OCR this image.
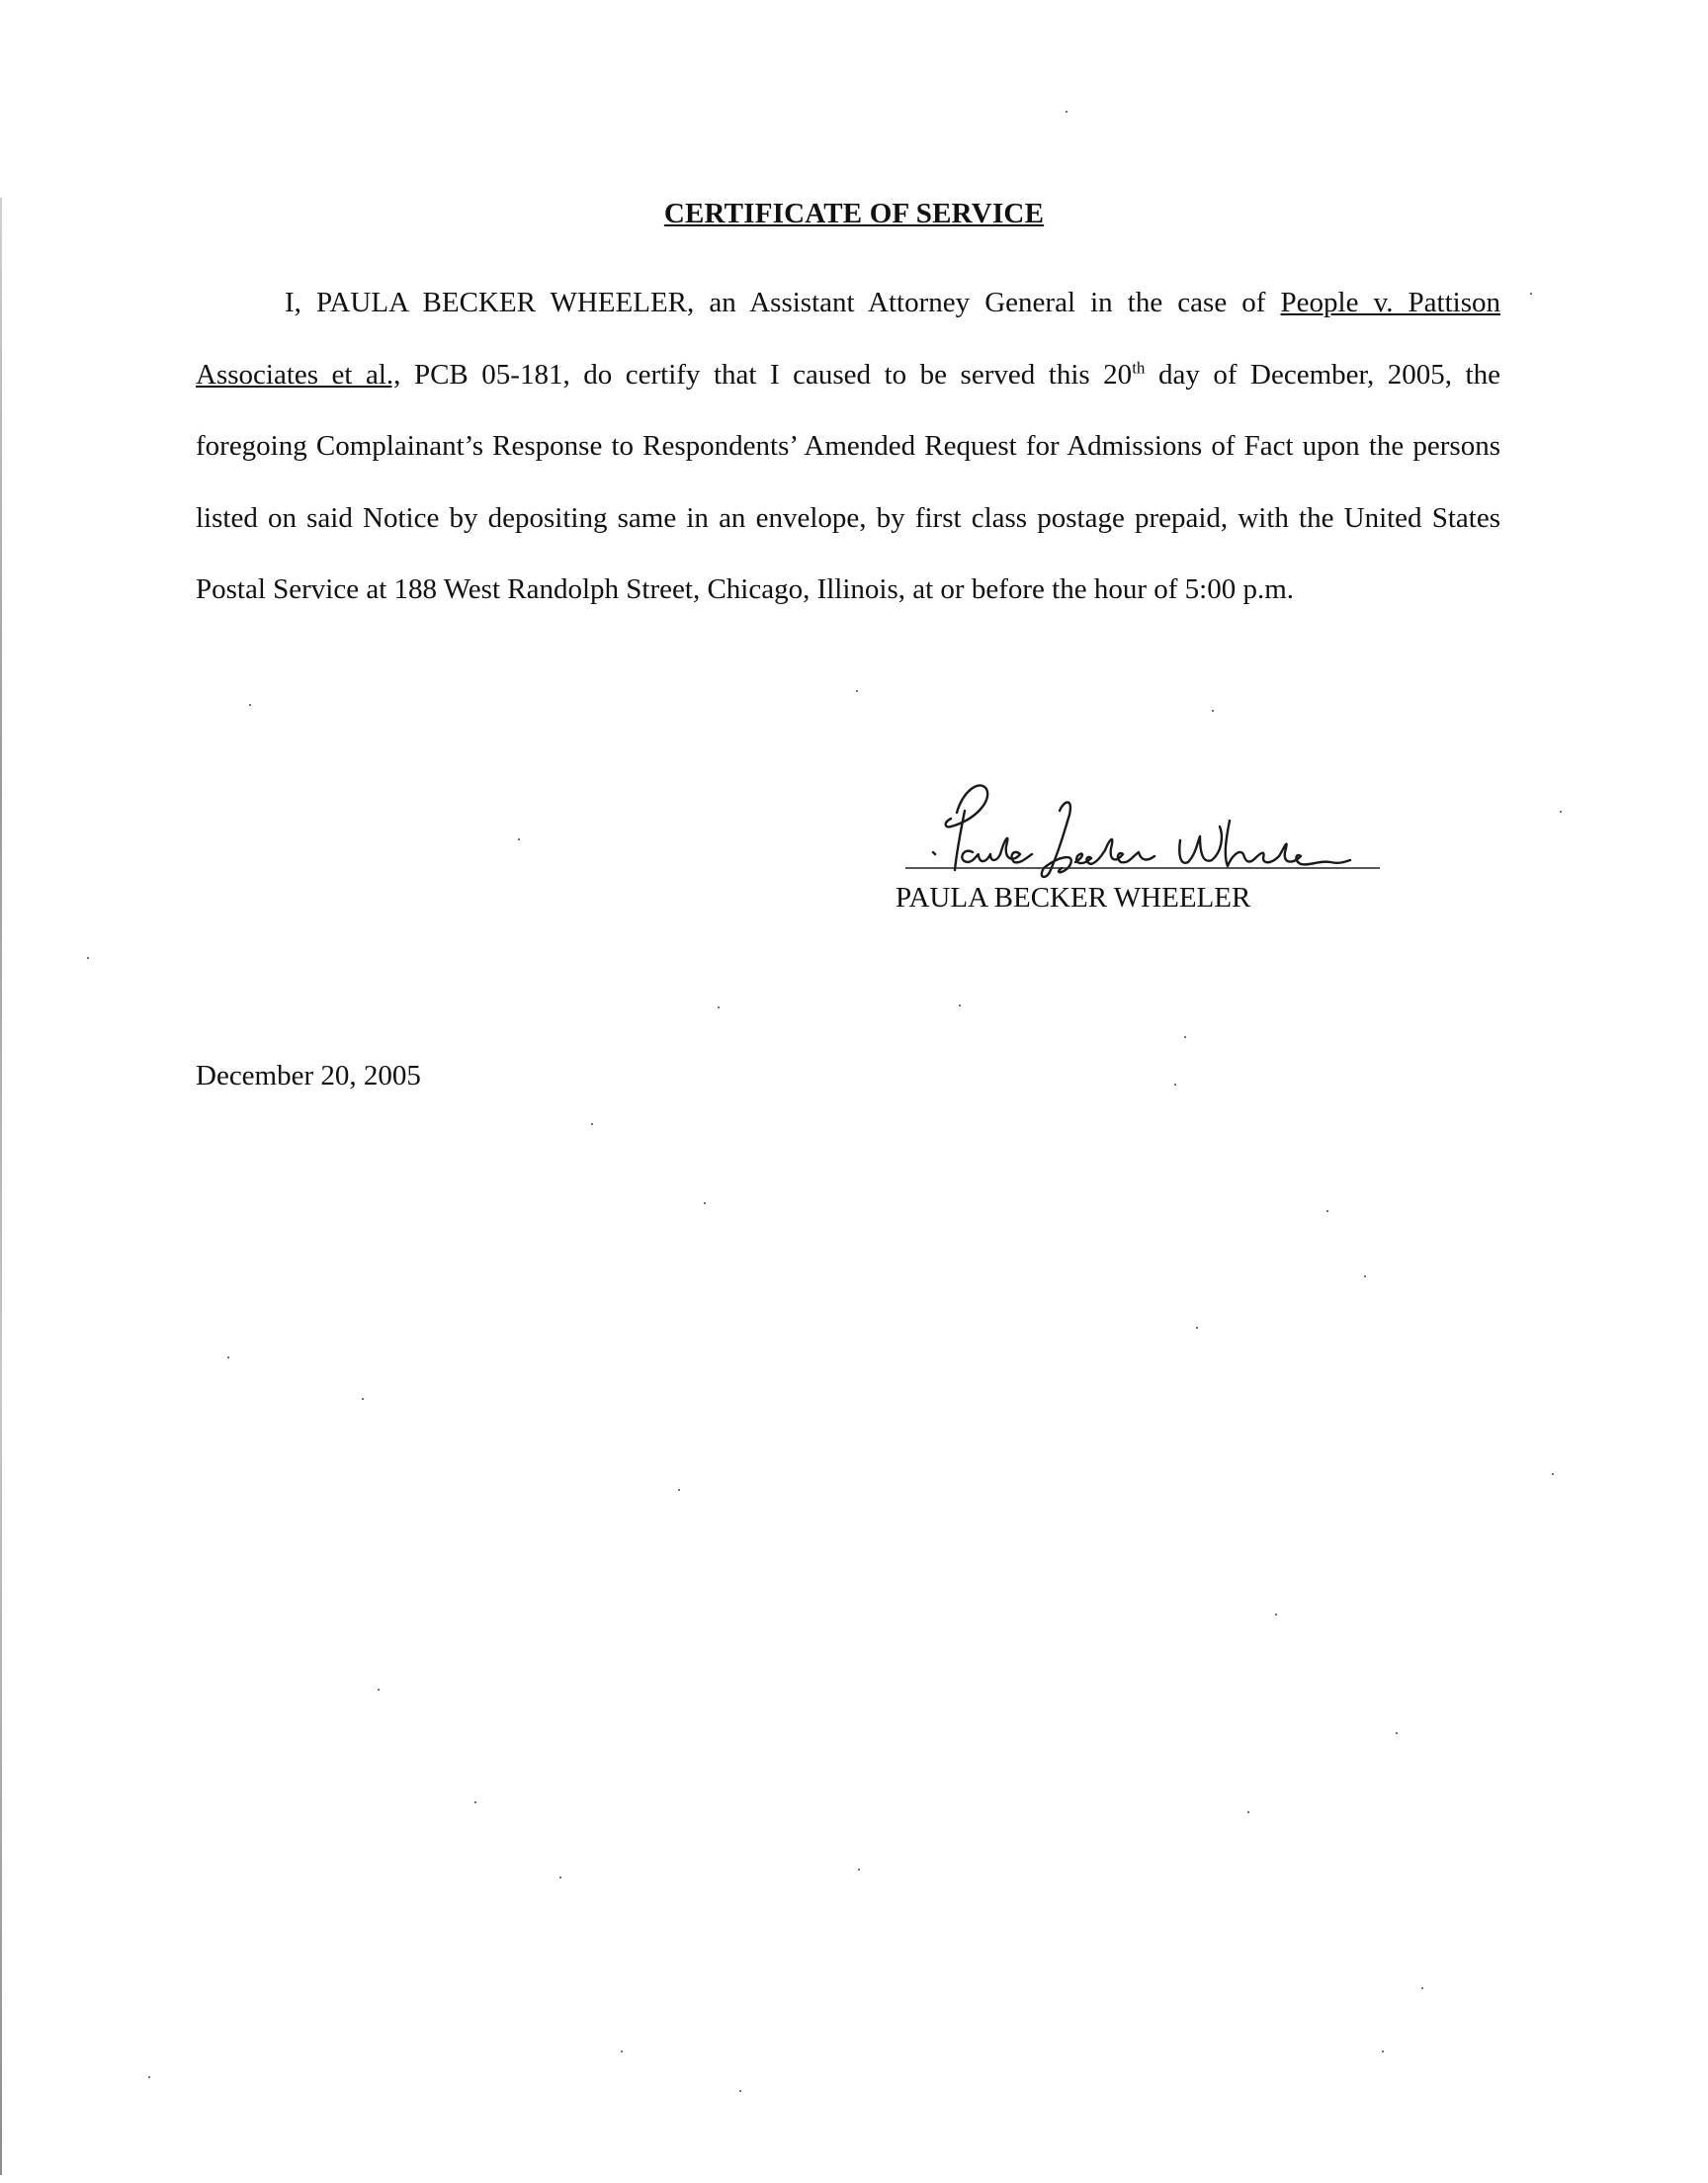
CERTIFICATE OF SERVICE

I, PAULA BECKER WHEELER, an Assistant Attorney General in the case of People v. Pattison Associates et al., PCB 05-181, do certify that I caused to be served this 20th day of December, 2005, the foregoing Complainant’s Response to Respondents’ Amended Request for Admissions of Fact upon the persons listed on said Notice by depositing same in an envelope, by first class postage prepaid, with the United States Postal Service at 188 West Randolph Street, Chicago, Illinois, at or before the hour of 5:00 p.m.

PAULA BECKER WHEELER
December 20, 2005
